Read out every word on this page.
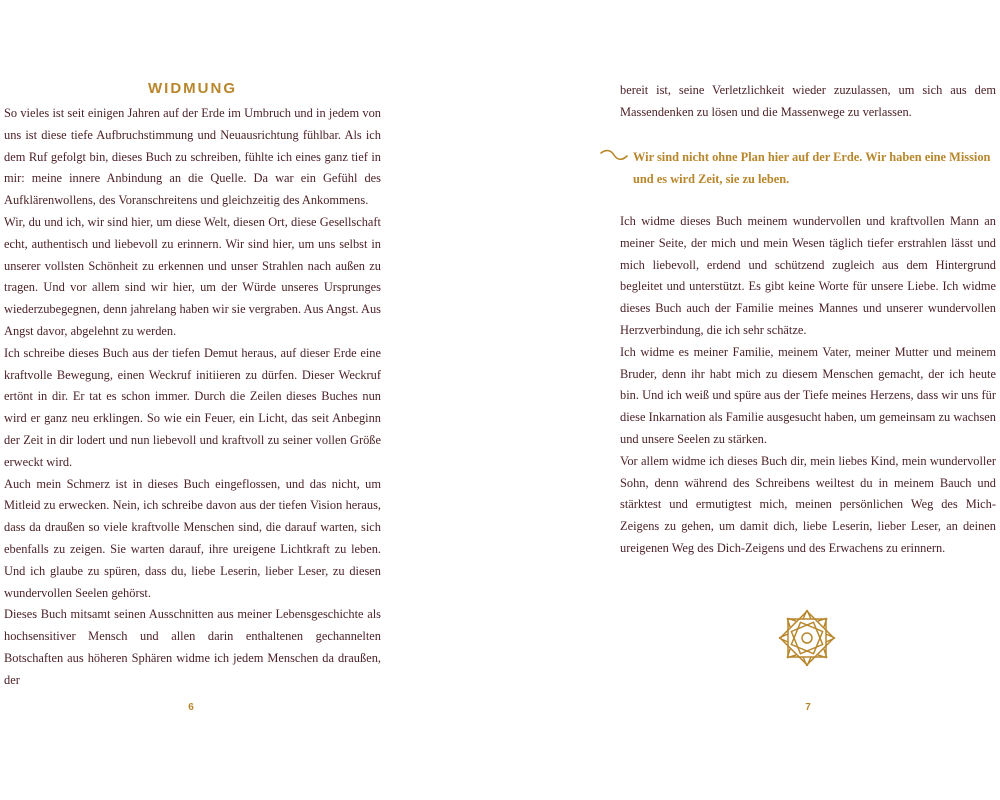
WIDMUNG

So vieles ist seit einigen Jahren auf der Erde im Umbruch und in jedem von uns ist diese tiefe Aufbruchstimmung und Neuausrichtung fühlbar. Als ich dem Ruf gefolgt bin, dieses Buch zu schreiben, fühlte ich eines ganz tief in mir: meine innere Anbindung an die Quelle. Da war ein Gefühl des Aufklärenwollens, des Voranschreitens und gleichzeitig des Ankommens.

Wir, du und ich, wir sind hier, um diese Welt, diesen Ort, diese Gesellschaft echt, authentisch und liebevoll zu erinnern. Wir sind hier, um uns selbst in unserer vollsten Schönheit zu erkennen und unser Strahlen nach außen zu tragen. Und vor allem sind wir hier, um der Würde unseres Ursprunges wiederzubegegnen, denn jahrelang haben wir sie vergraben. Aus Angst. Aus Angst davor, abgelehnt zu werden.

Ich schreibe dieses Buch aus der tiefen Demut heraus, auf dieser Erde eine kraftvolle Bewegung, einen Weckruf initiieren zu dürfen. Dieser Weckruf ertönt in dir. Er tat es schon immer. Durch die Zeilen dieses Buches nun wird er ganz neu erklingen. So wie ein Feuer, ein Licht, das seit Anbeginn der Zeit in dir lodert und nun liebevoll und kraftvoll zu seiner vollen Größe erweckt wird.

Auch mein Schmerz ist in dieses Buch eingeflossen, und das nicht, um Mitleid zu erwecken. Nein, ich schreibe davon aus der tiefen Vision heraus, dass da draußen so viele kraftvolle Menschen sind, die darauf warten, sich ebenfalls zu zeigen. Sie warten darauf, ihre ureigene Lichtkraft zu leben. Und ich glaube zu spüren, dass du, liebe Leserin, lieber Leser, zu diesen wundervollen Seelen gehörst.

Dieses Buch mitsamt seinen Ausschnitten aus meiner Lebensgeschichte als hochsensitiver Mensch und allen darin enthaltenen gechannelten Botschaften aus höheren Sphären widme ich jedem Menschen da draußen, der

6

bereit ist, seine Verletzlichkeit wieder zuzulassen, um sich aus dem Massendenken zu lösen und die Massenwege zu verlassen.

Wir sind nicht ohne Plan hier auf der Erde. Wir haben eine Mission und es wird Zeit, sie zu leben.

Ich widme dieses Buch meinem wundervollen und kraftvollen Mann an meiner Seite, der mich und mein Wesen täglich tiefer erstrahlen lässt und mich liebevoll, erdend und schützend zugleich aus dem Hintergrund begleitet und unterstützt. Es gibt keine Worte für unsere Liebe. Ich widme dieses Buch auch der Familie meines Mannes und unserer wundervollen Herzverbindung, die ich sehr schätze.

Ich widme es meiner Familie, meinem Vater, meiner Mutter und meinem Bruder, denn ihr habt mich zu diesem Menschen gemacht, der ich heute bin. Und ich weiß und spüre aus der Tiefe meines Herzens, dass wir uns für diese Inkarnation als Familie ausgesucht haben, um gemeinsam zu wachsen und unsere Seelen zu stärken.

Vor allem widme ich dieses Buch dir, mein liebes Kind, mein wundervoller Sohn, denn während des Schreibens weiltest du in meinem Bauch und stärktest und ermutigtest mich, meinen persönlichen Weg des Mich-Zeigens zu gehen, um damit dich, liebe Leserin, lieber Leser, an deinen ureigenen Weg des Dich-Zeigens und des Erwachens zu erinnern.

7
